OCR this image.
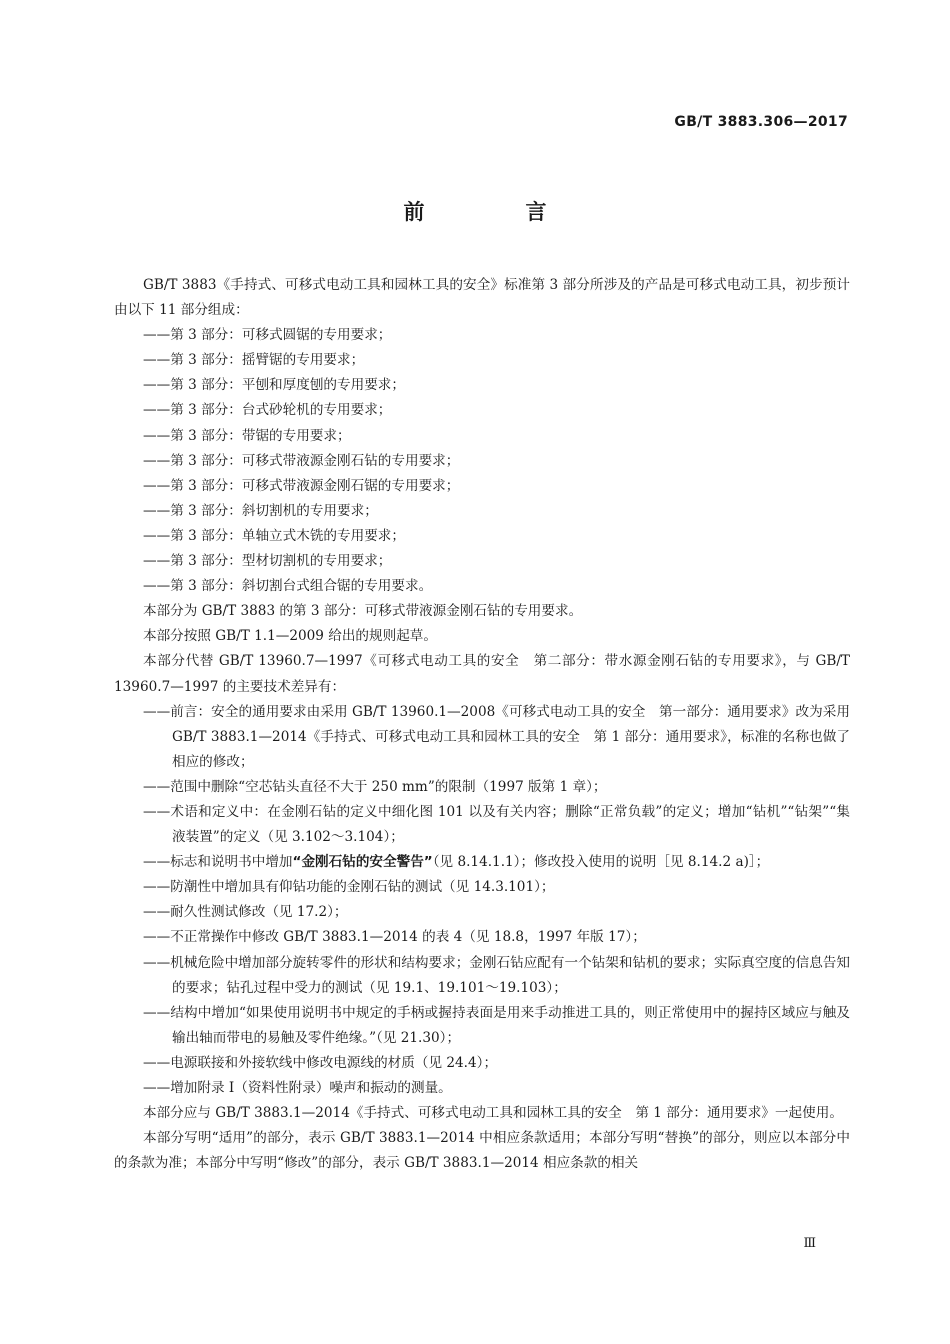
GB/T 3883.306—2017
前　言

GB/T 3883《手持式、可移式电动工具和园林工具的安全》标准第 3 部分所涉及的产品是可移式电动工具，初步预计由以下 11 部分组成：

——第 3 部分：可移式圆锯的专用要求；

——第 3 部分：摇臂锯的专用要求；

——第 3 部分：平刨和厚度刨的专用要求；

——第 3 部分：台式砂轮机的专用要求；

——第 3 部分：带锯的专用要求；

——第 3 部分：可移式带液源金刚石钻的专用要求；

——第 3 部分：可移式带液源金刚石锯的专用要求；

——第 3 部分：斜切割机的专用要求；

——第 3 部分：单轴立式木铣的专用要求；

——第 3 部分：型材切割机的专用要求；

——第 3 部分：斜切割台式组合锯的专用要求。

本部分为 GB/T 3883 的第 3 部分：可移式带液源金刚石钻的专用要求。

本部分按照 GB/T 1.1—2009 给出的规则起草。

本部分代替 GB/T 13960.7—1997《可移式电动工具的安全　第二部分：带水源金刚石钻的专用要求》，与 GB/T 13960.7—1997 的主要技术差异有：

——前言：安全的通用要求由采用 GB/T 13960.1—2008《可移式电动工具的安全　第一部分：通用要求》改为采用 GB/T 3883.1—2014《手持式、可移式电动工具和园林工具的安全　第 1 部分：通用要求》，标准的名称也做了相应的修改；

——范围中删除“空芯钻头直径不大于 250 mm”的限制（1997 版第 1 章）；

——术语和定义中：在金刚石钻的定义中细化图 101 以及有关内容；删除“正常负载”的定义；增加“钻机”“钻架”“集液装置”的定义（见 3.102～3.104）；

——标志和说明书中增加“金刚石钻的安全警告”（见 8.14.1.1）；修改投入使用的说明［见 8.14.2 a)］；

——防潮性中增加具有仰钻功能的金刚石钻的测试（见 14.3.101）；

——耐久性测试修改（见 17.2）；

——不正常操作中修改 GB/T 3883.1—2014 的表 4（见 18.8，1997 年版 17）；

——机械危险中增加部分旋转零件的形状和结构要求；金刚石钻应配有一个钻架和钻机的要求；实际真空度的信息告知的要求；钻孔过程中受力的测试（见 19.1、19.101～19.103）；

——结构中增加“如果使用说明书中规定的手柄或握持表面是用来手动推进工具的，则正常使用中的握持区域应与触及输出轴而带电的易触及零件绝缘。”（见 21.30）；

——电源联接和外接软线中修改电源线的材质（见 24.4）；

——增加附录 I（资料性附录）噪声和振动的测量。

本部分应与 GB/T 3883.1—2014《手持式、可移式电动工具和园林工具的安全　第 1 部分：通用要求》一起使用。

本部分写明“适用”的部分，表示 GB/T 3883.1—2014 中相应条款适用；本部分写明“替换”的部分，则应以本部分中的条款为准；本部分中写明“修改”的部分，表示 GB/T 3883.1—2014 相应条款的相关

Ⅲ
